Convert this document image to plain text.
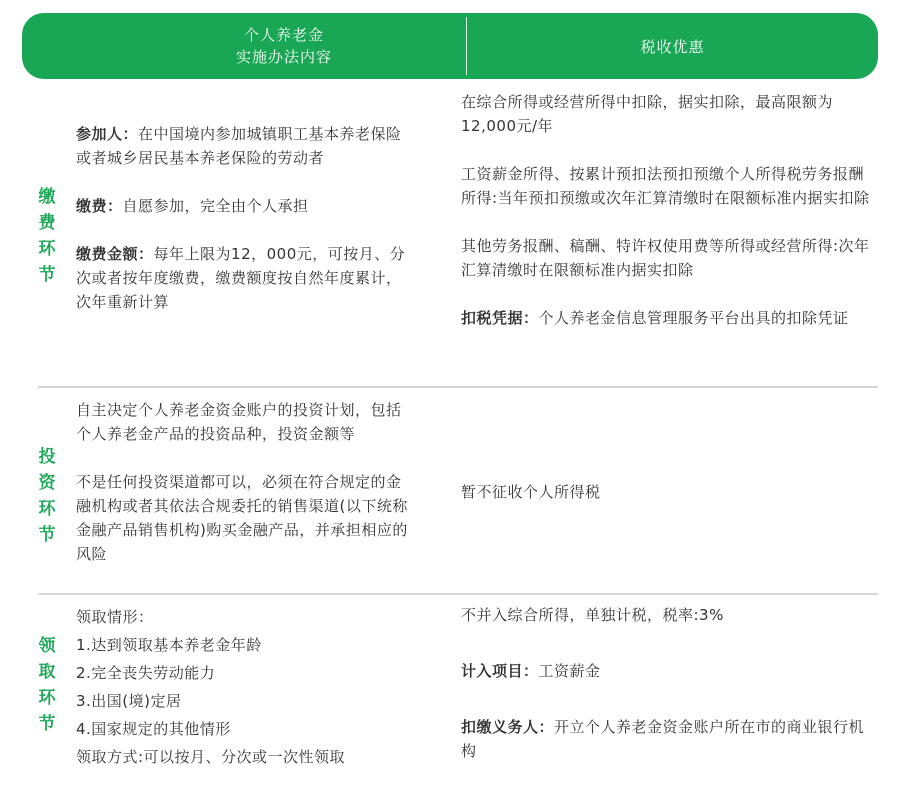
个人养老金
实施办法内容
税收优惠
缴
费
环
节

参加人：在中国境内参加城镇职工基本养老保险或者城乡居民基本养老保险的劳动者

缴费：自愿参加，完全由个人承担

缴费金额：每年上限为12，000元，可按月、分次或者按年度缴费，缴费额度按自然年度累计，次年重新计算

在综合所得或经营所得中扣除，据实扣除，最高限额为12,000元/年

工资薪金所得、按累计预扣法预扣预缴个人所得税劳务报酬所得:当年预扣预缴或次年汇算清缴时在限额标准内据实扣除

其他劳务报酬、稿酬、特许权使用费等所得或经营所得:次年汇算清缴时在限额标准内据实扣除

扣税凭据：个人养老金信息管理服务平台出具的扣除凭证

投
资
环
节

自主决定个人养老金资金账户的投资计划，包括个人养老金产品的投资品种，投资金额等

不是任何投资渠道都可以，必须在符合规定的金融机构或者其依法合规委托的销售渠道(以下统称金融产品销售机构)购买金融产品，并承担相应的风险

暂不征收个人所得税

领
取
环
节

领取情形：

1.达到领取基本养老金年龄

2.完全丧失劳动能力

3.出国(境)定居

4.国家规定的其他情形

领取方式:可以按月、分次或一次性领取

不并入综合所得，单独计税，税率:3%

计入项目：工资薪金

扣缴义务人：开立个人养老金资金账户所在市的商业银行机构
